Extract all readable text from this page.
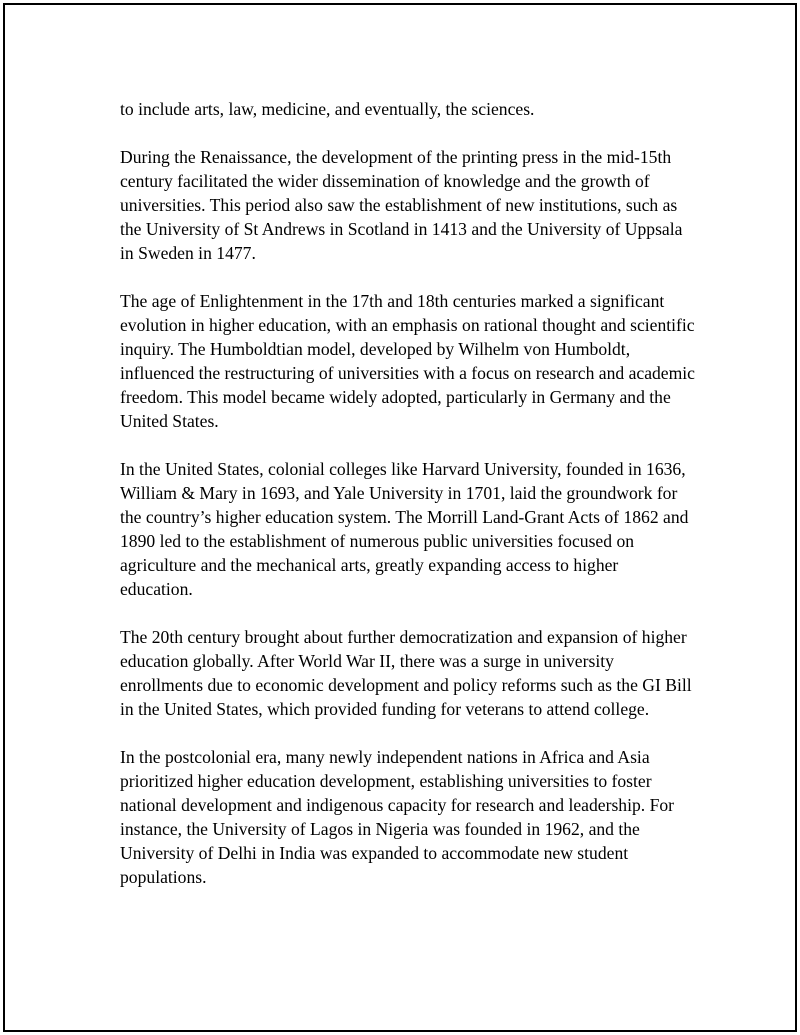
to include arts, law, medicine, and eventually, the sciences.

During the Renaissance, the development of the printing press in the mid-15th century facilitated the wider dissemination of knowledge and the growth of universities. This period also saw the establishment of new institutions, such as the University of St Andrews in Scotland in 1413 and the University of Uppsala in Sweden in 1477.

The age of Enlightenment in the 17th and 18th centuries marked a significant evolution in higher education, with an emphasis on rational thought and scientific inquiry. The Humboldtian model, developed by Wilhelm von Humboldt, influenced the restructuring of universities with a focus on research and academic freedom. This model became widely adopted, particularly in Germany and the United States.

In the United States, colonial colleges like Harvard University, founded in 1636, William & Mary in 1693, and Yale University in 1701, laid the groundwork for the country’s higher education system. The Morrill Land-Grant Acts of 1862 and 1890 led to the establishment of numerous public universities focused on agriculture and the mechanical arts, greatly expanding access to higher education.

The 20th century brought about further democratization and expansion of higher education globally. After World War II, there was a surge in university enrollments due to economic development and policy reforms such as the GI Bill in the United States, which provided funding for veterans to attend college.

In the postcolonial era, many newly independent nations in Africa and Asia prioritized higher education development, establishing universities to foster national development and indigenous capacity for research and leadership. For instance, the University of Lagos in Nigeria was founded in 1962, and the University of Delhi in India was expanded to accommodate new student populations.
